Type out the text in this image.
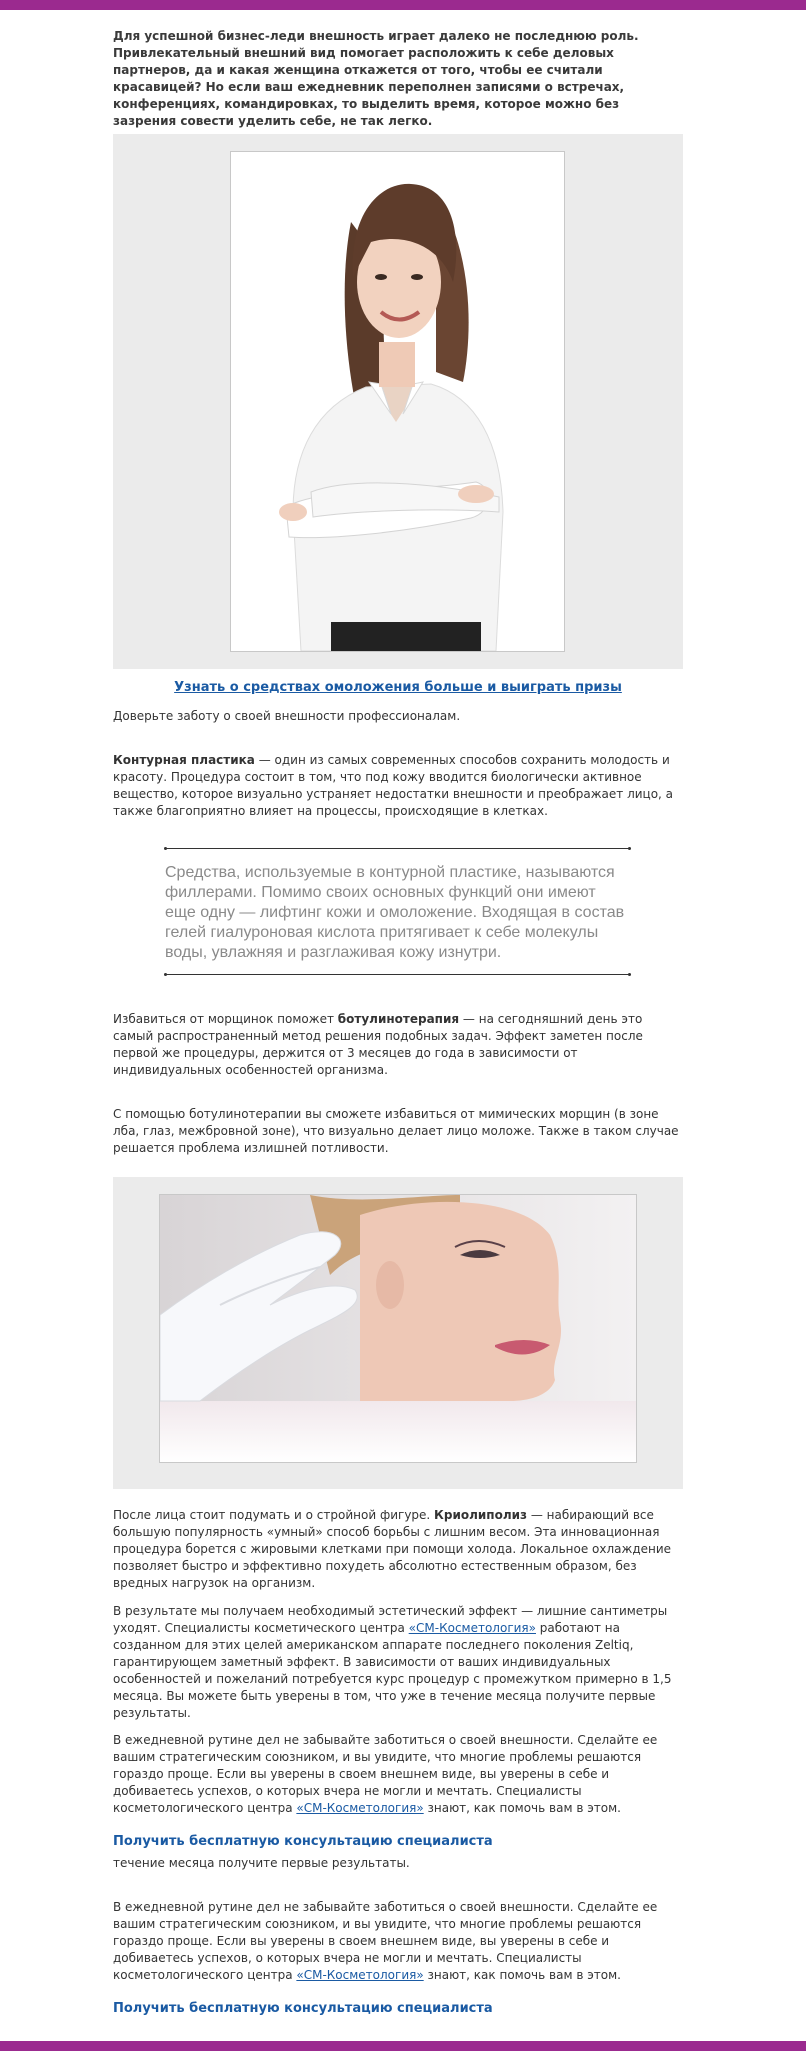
Для успешной бизнес-леди внешность играет далеко не последнюю роль. Привлекательный внешний вид помогает расположить к себе деловых партнеров, да и какая женщина откажется от того, чтобы ее считали красавицей? Но если ваш ежедневник переполнен записями о встречах, конференциях, командировках, то выделить время, которое можно без зазрения совести уделить себе, не так легко.

Узнать о средствах омоложения больше и выиграть призы

Доверьте заботу о своей внешности профессионалам.

Контурная пластика — один из самых современных способов сохранить молодость и красоту. Процедура состоит в том, что под кожу вводится биологически активное вещество, которое визуально устраняет недостатки внешности и преображает лицо, а также благоприятно влияет на процессы, происходящие в клетках.

Средства, используемые в контурной пластике, называются филлерами. Помимо своих основных функций они имеют еще одну — лифтинг кожи и омоложение. Входящая в состав гелей гиалуроновая кислота притягивает к себе молекулы воды, увлажняя и разглаживая кожу изнутри.

Избавиться от морщинок поможет ботулинотерапия — на сегодняшний день это самый распространенный метод решения подобных задач. Эффект заметен после первой же процедуры, держится от 3 месяцев до года в зависимости от индивидуальных особенностей организма.

С помощью ботулинотерапии вы сможете избавиться от мимических морщин (в зоне лба, глаз, межбровной зоне), что визуально делает лицо моложе. Также в таком случае решается проблема излишней потливости.

После лица стоит подумать и о стройной фигуре. Криолиполиз — набирающий все большую популярность «умный» способ борьбы с лишним весом. Эта инновационная процедура борется с жировыми клетками при помощи холода. Локальное охлаждение позволяет быстро и эффективно похудеть абсолютно естественным образом, без вредных нагрузок на организм.

В результате мы получаем необходимый эстетический эффект — лишние сантиметры уходят. Специалисты косметического центра «СМ-Косметология» работают на созданном для этих целей американском аппарате последнего поколения Zeltiq, гарантирующем заметный эффект. В зависимости от ваших индивидуальных особенностей и пожеланий потребуется курс процедур с промежутком примерно в 1,5 месяца. Вы можете быть уверены в том, что уже в течение месяца получите первые результаты.

В ежедневной рутине дел не забывайте заботиться о своей внешности. Сделайте ее вашим стратегическим союзником, и вы увидите, что многие проблемы решаются гораздо проще. Если вы уверены в своем внешнем виде, вы уверены в себе и добиваетесь успехов, о которых вчера не могли и мечтать. Специалисты косметологического центра «СМ-Косметология» знают, как помочь вам в этом.

Получить бесплатную консультацию специалиста

течение месяца получите первые результаты.

В ежедневной рутине дел не забывайте заботиться о своей внешности. Сделайте ее вашим стратегическим союзником, и вы увидите, что многие проблемы решаются гораздо проще. Если вы уверены в своем внешнем виде, вы уверены в себе и добиваетесь успехов, о которых вчера не могли и мечтать. Специалисты косметологического центра «СМ-Косметология» знают, как помочь вам в этом.

Получить бесплатную консультацию специалиста
